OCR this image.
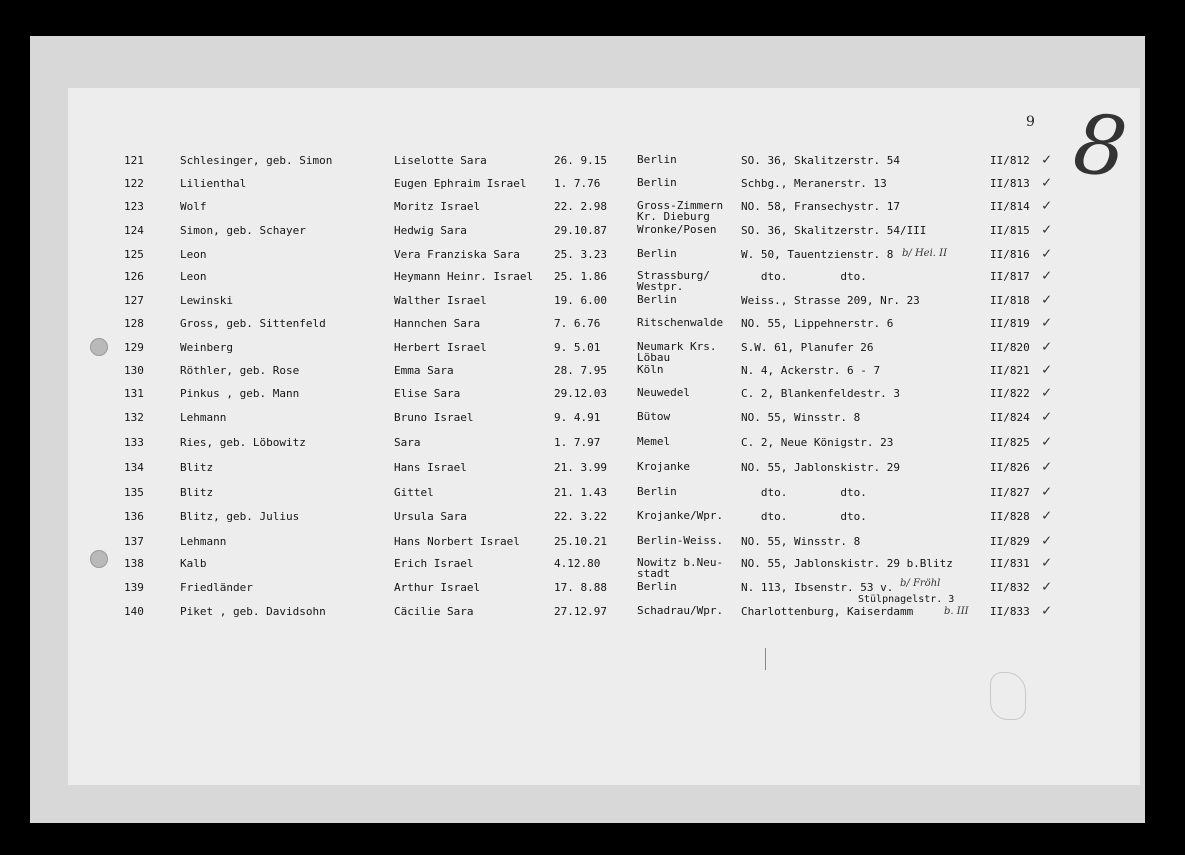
9 8
121	Schlesinger, geb. Simon	Liselotte Sara	26. 9.15	Berlin	SO. 36, Skalitzerstr. 54	II/812 ✓
122	Lilienthal	Eugen Ephraim Israel	1. 7.76	Berlin	Schbg., Meranerstr. 13	II/813 ✓
123	Wolf	Moritz Israel	22. 2.98	Gross-Zimmern
Kr. Dieburg
NO. 58, Fransechystr. 17	II/814 ✓
124	Simon, geb. Schayer	Hedwig Sara	29.10.87	Wronke/Posen	SO. 36, Skalitzerstr. 54/III	II/815 ✓
125	Leon	Vera Franziska Sara	25. 3.23	Berlin	W. 50, Tauentzienstr. 8	II/816 ✓
126	Leon	Heymann Heinr. Israel	25. 1.86	Strassburg/
Westpr.
dto.        dto.	II/817 ✓
127	Lewinski	Walther Israel	19. 6.00	Berlin	Weiss., Strasse 209, Nr. 23	II/818 ✓
128	Gross, geb. Sittenfeld	Hannchen Sara	7. 6.76	Ritschenwalde	NO. 55, Lippehnerstr. 6	II/819 ✓
129	Weinberg	Herbert Israel	9. 5.01	Neumark Krs.
Löbau
S.W. 61, Planufer 26	II/820 ✓
130	Röthler, geb. Rose	Emma Sara	28. 7.95	Köln	N. 4, Ackerstr. 6 - 7	II/821 ✓
131	Pinkus , geb. Mann	Elise Sara	29.12.03	Neuwedel	C. 2, Blankenfeldestr. 3	II/822 ✓
132	Lehmann	Bruno Israel	9. 4.91	Bütow	NO. 55, Winsstr. 8	II/824 ✓
133	Ries, geb. Löbowitz	Sara	1. 7.97	Memel	C. 2, Neue Königstr. 23	II/825 ✓
134	Blitz	Hans Israel	21. 3.99	Krojanke	NO. 55, Jablonskistr. 29	II/826 ✓
135	Blitz	Gittel	21. 1.43	Berlin	dto.        dto.	II/827 ✓
136	Blitz, geb. Julius	Ursula Sara	22. 3.22	Krojanke/Wpr.	dto.        dto.	II/828 ✓
137	Lehmann	Hans Norbert Israel	25.10.21	Berlin-Weiss.	NO. 55, Winsstr. 8	II/829 ✓
138	Kalb	Erich Israel	4.12.80	Nowitz b.Neu-
stadt
NO. 55, Jablonskistr. 29 b.Blitz	II/831 ✓
139	Friedländer	Arthur Israel	17. 8.88	Berlin	N. 113, Ibsenstr. 53 v.	II/832 ✓
140	Piket , geb. Davidsohn	Cäcilie Sara	27.12.97	Schadrau/Wpr.	Charlottenburg, Kaiserdamm	II/833 ✓
b/ Hei. II
b/ Fröhl
Stülpnagelstr. 3
b. III
